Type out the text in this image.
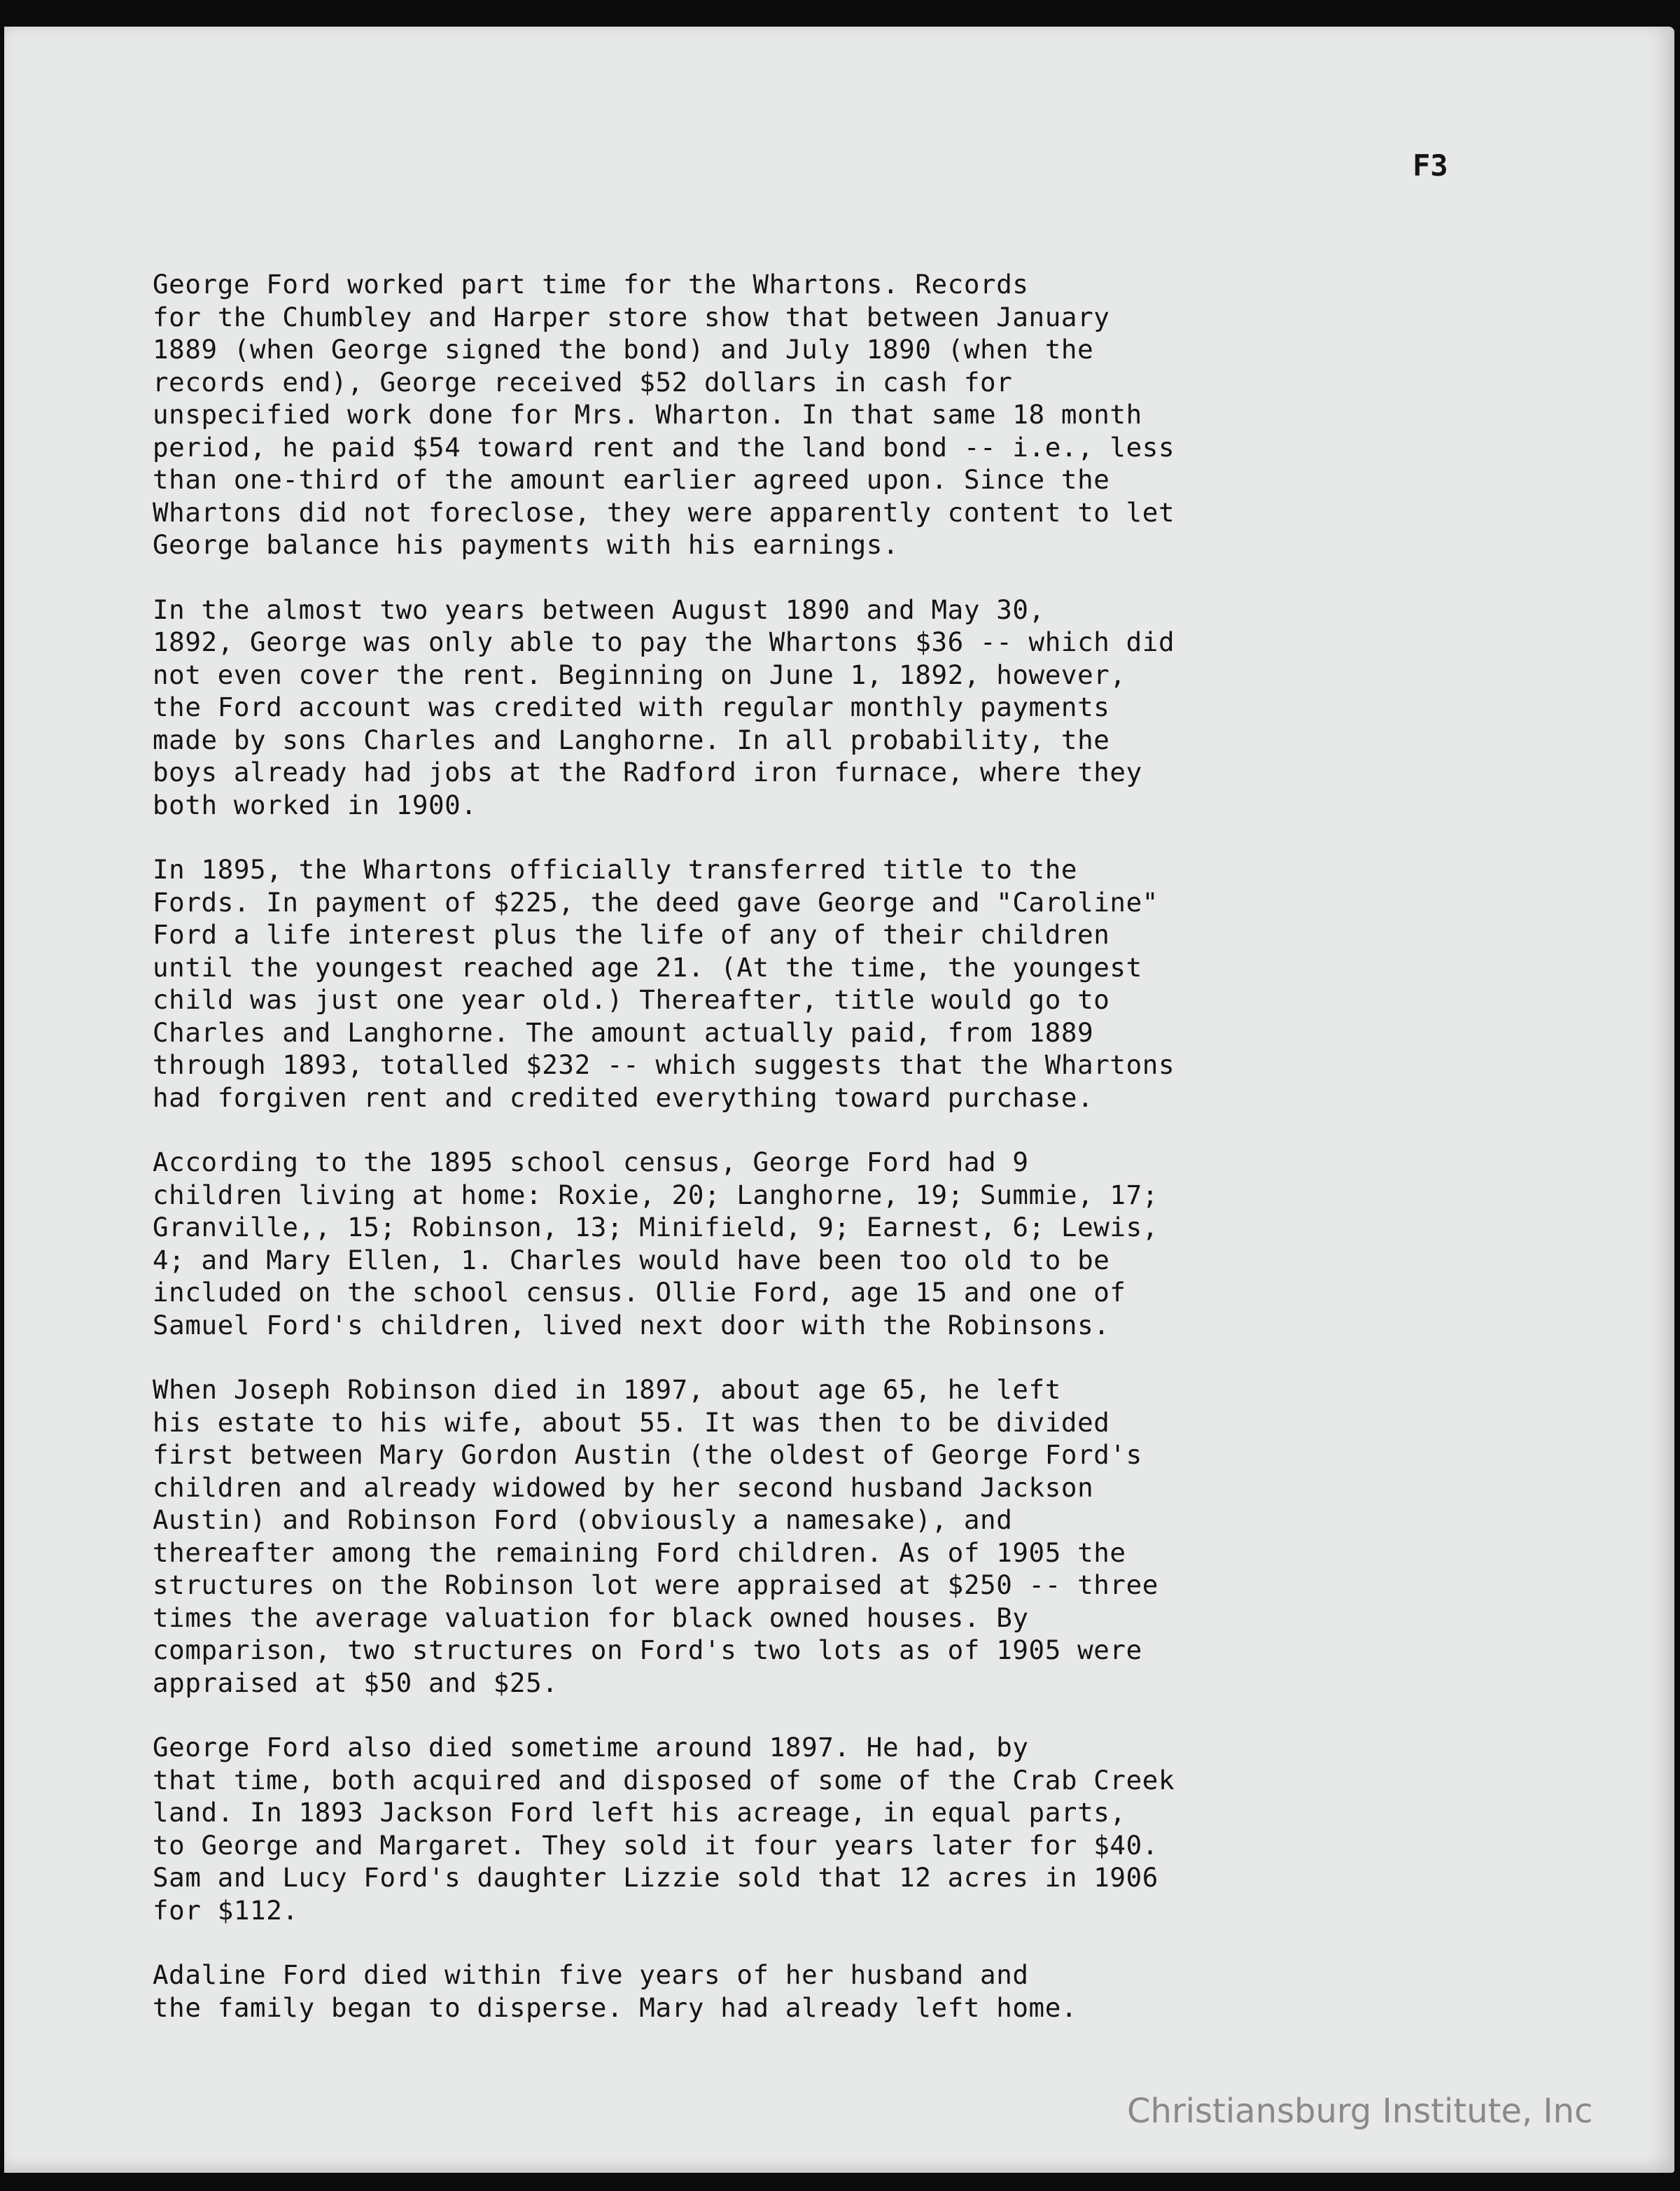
F3

George Ford worked part time for the Whartons. Records
for the Chumbley and Harper store show that between January
1889 (when George signed the bond) and July 1890 (when the
records end), George received $52 dollars in cash for
unspecified work done for Mrs. Wharton. In that same 18 month
period, he paid $54 toward rent and the land bond -- i.e., less
than one-third of the amount earlier agreed upon. Since the
Whartons did not foreclose, they were apparently content to let
George balance his payments with his earnings.

In the almost two years between August 1890 and May 30,
1892, George was only able to pay the Whartons $36 -- which did
not even cover the rent. Beginning on June 1, 1892, however,
the Ford account was credited with regular monthly payments
made by sons Charles and Langhorne. In all probability, the
boys already had jobs at the Radford iron furnace, where they
both worked in 1900.

In 1895, the Whartons officially transferred title to the
Fords. In payment of $225, the deed gave George and "Caroline"
Ford a life interest plus the life of any of their children
until the youngest reached age 21. (At the time, the youngest
child was just one year old.) Thereafter, title would go to
Charles and Langhorne. The amount actually paid, from 1889
through 1893, totalled $232 -- which suggests that the Whartons
had forgiven rent and credited everything toward purchase.

According to the 1895 school census, George Ford had 9
children living at home: Roxie, 20; Langhorne, 19; Summie, 17;
Granville,, 15; Robinson, 13; Minifield, 9; Earnest, 6; Lewis,
4; and Mary Ellen, 1. Charles would have been too old to be
included on the school census. Ollie Ford, age 15 and one of
Samuel Ford's children, lived next door with the Robinsons.

When Joseph Robinson died in 1897, about age 65, he left
his estate to his wife, about 55. It was then to be divided
first between Mary Gordon Austin (the oldest of George Ford's
children and already widowed by her second husband Jackson
Austin) and Robinson Ford (obviously a namesake), and
thereafter among the remaining Ford children. As of 1905 the
structures on the Robinson lot were appraised at $250 -- three
times the average valuation for black owned houses. By
comparison, two structures on Ford's two lots as of 1905 were
appraised at $50 and $25.

George Ford also died sometime around 1897. He had, by
that time, both acquired and disposed of some of the Crab Creek
land. In 1893 Jackson Ford left his acreage, in equal parts,
to George and Margaret. They sold it four years later for $40.
Sam and Lucy Ford's daughter Lizzie sold that 12 acres in 1906
for $112.

Adaline Ford died within five years of her husband and
the family began to disperse. Mary had already left home.

Christiansburg Institute, Inc
